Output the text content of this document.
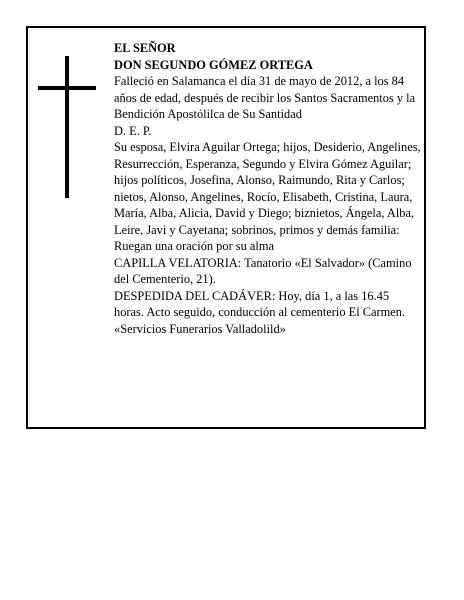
EL SEÑOR

DON SEGUNDO GÓMEZ ORTEGA

Falleció en Salamanca el día 31 de mayo de 2012, a los 84 años de edad, después de recibir los Santos Sacramentos y la Bendición Apostólilca de Su Santidad

D. E. P.

Su esposa, Elvira Aguilar Ortega; hijos, Desiderio, Angelines, Resurrección, Esperanza, Segundo y Elvira Gómez Aguilar; hijos políticos, Josefina, Alonso, Raimundo, Rita y Carlos; nietos, Alonso, Angelines, Rocío, Elisabeth, Cristina, Laura, María, Alba, Alicia, David y Diego; biznietos, Ángela, Alba, Leire, Javi y Cayetana; sobrinos, primos y demás familia:

Ruegan una oración por su alma

CAPILLA VELATORIA: Tanatorio «El Salvador» (Camino del Cementerio, 21).

DESPEDIDA DEL CADÁVER: Hoy, día 1, a las 16.45 horas. Acto seguido, conducción al cementerio El Carmen.

«Servicios Funerarios Valladolild»
